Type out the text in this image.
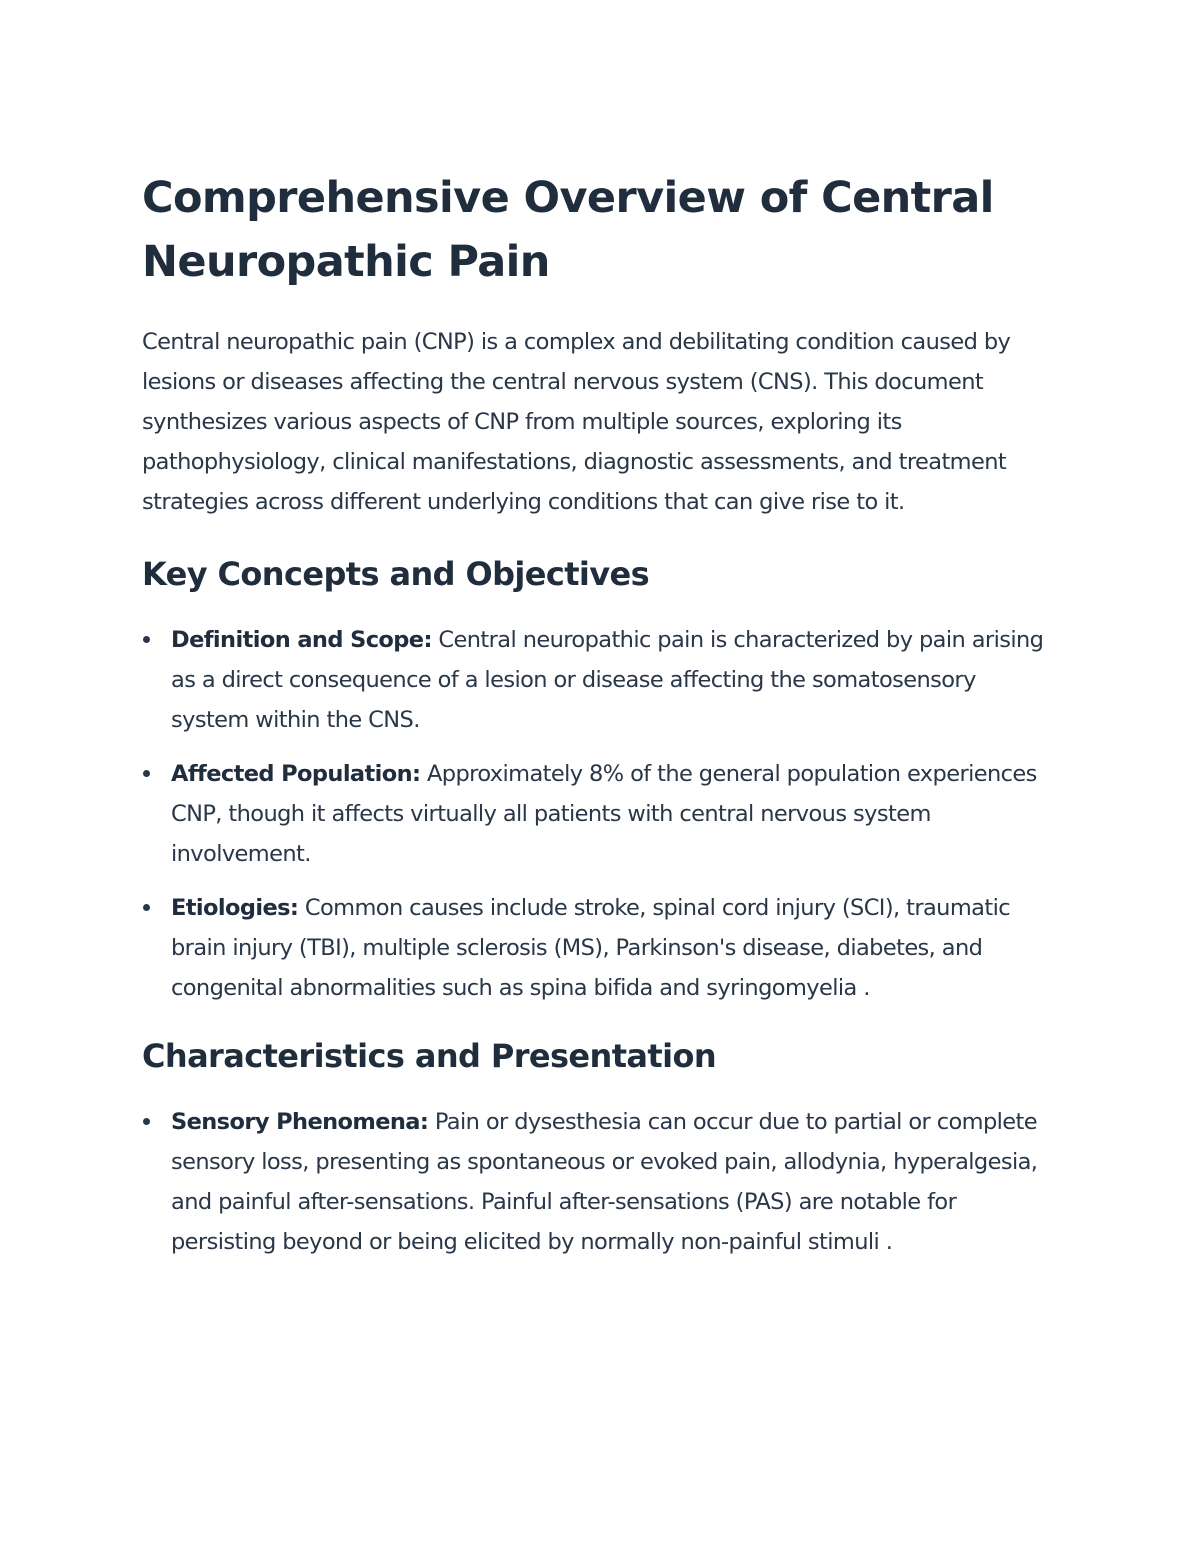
Comprehensive Overview of Central Neuropathic Pain

Central neuropathic pain (CNP) is a complex and debilitating condition caused by lesions or diseases affecting the central nervous system (CNS). This document synthesizes various aspects of CNP from multiple sources, exploring its pathophysiology, clinical manifestations, diagnostic assessments, and treatment strategies across different underlying conditions that can give rise to it.

Key Concepts and Objectives
Definition and Scope: Central neuropathic pain is characterized by pain arising as a direct consequence of a lesion or disease affecting the somatosensory system within the CNS.
Affected Population: Approximately 8% of the general population experiences CNP, though it affects virtually all patients with central nervous system involvement.
Etiologies: Common causes include stroke, spinal cord injury (SCI), traumatic brain injury (TBI), multiple sclerosis (MS), Parkinson's disease, diabetes, and congenital abnormalities such as spina bifida and syringomyelia .
Characteristics and Presentation
Sensory Phenomena: Pain or dysesthesia can occur due to partial or complete sensory loss, presenting as spontaneous or evoked pain, allodynia, hyperalgesia, and painful after-sensations. Painful after-sensations (PAS) are notable for persisting beyond or being elicited by normally non-painful stimuli .
